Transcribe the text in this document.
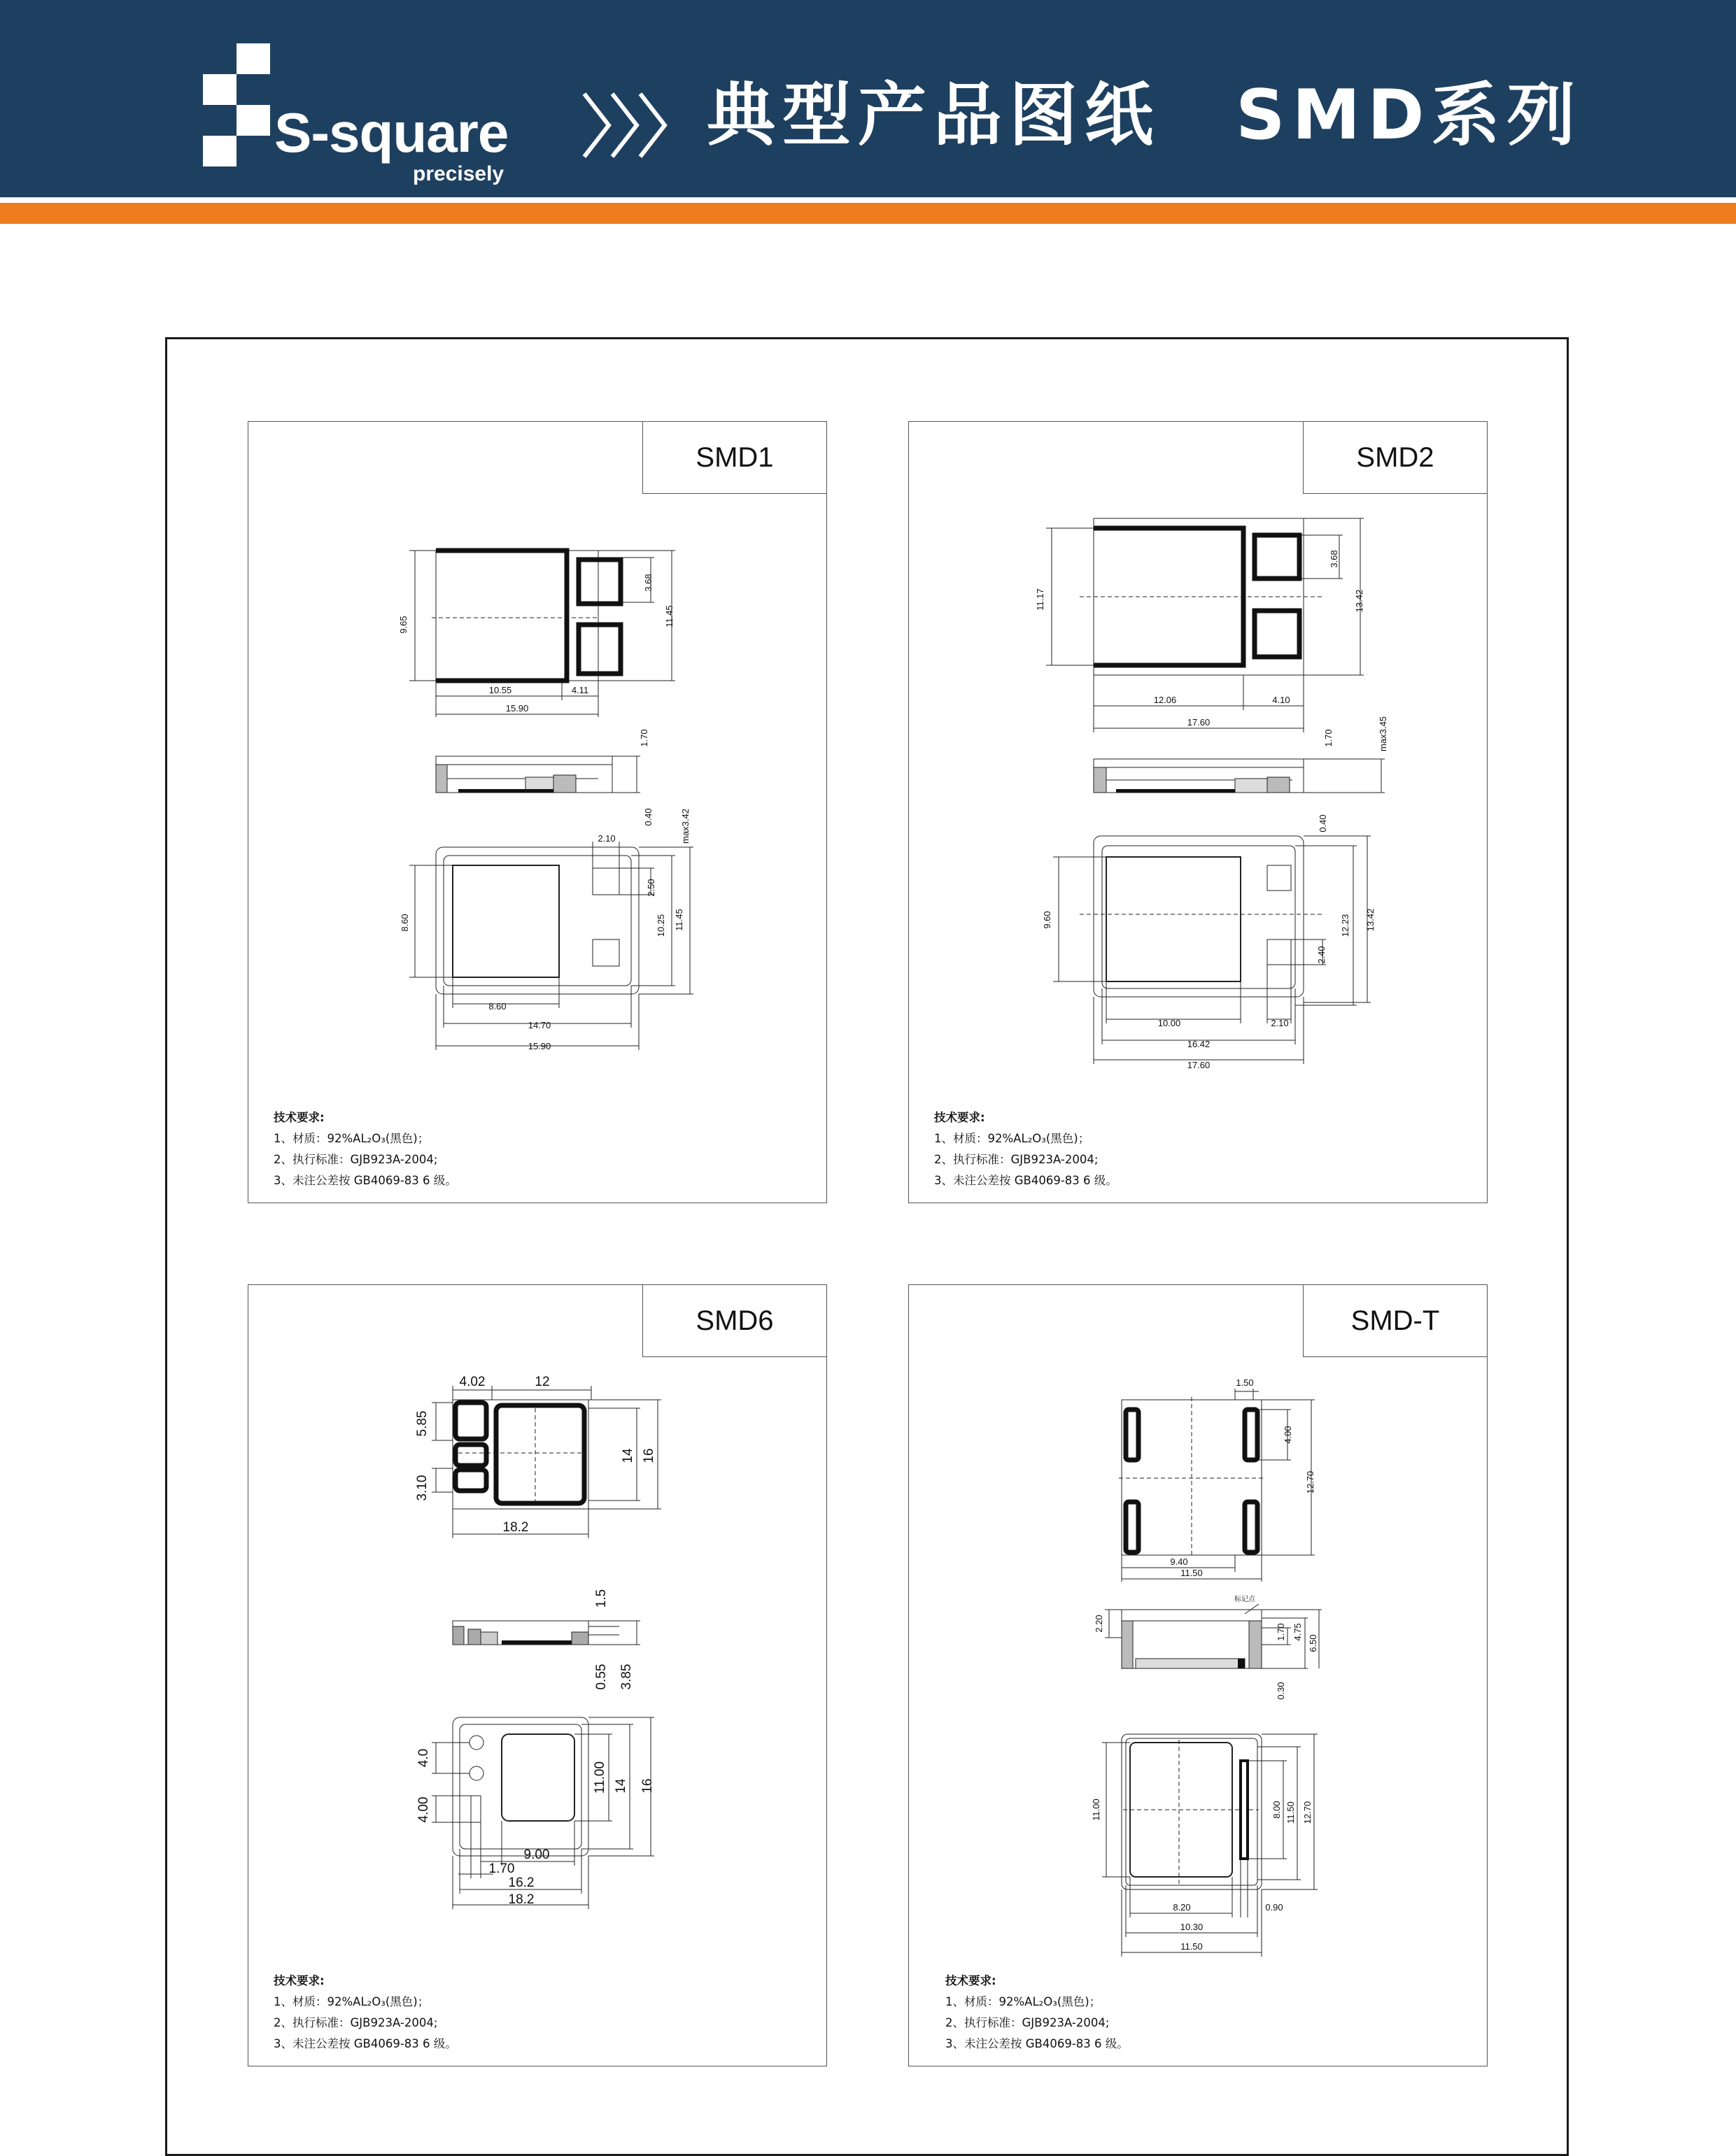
S-square
precisely
典型产品图纸　SMD系列
SMD1
9.65
3.68
11.45
10.55	4.11
15.90
1.70
0.40	max3.42
2.10
2.50
10.25 11.45
8.60
8.60
14.70
15.90
技术要求:
1、材质：92%AL₂O₃(黑色)；
2、执行标准：GJB923A-2004;
3、未注公差按 GB4069-83 6 级。
SMD2
11.17
3.68
13.42
12.06	4.10
17.60
1.70	max3.45
0.40
9.60	12.23 13.42
2.40
10.00	2.10
16.42
17.60
技术要求:
1、材质：92%AL₂O₃(黑色)；
2、执行标准：GJB923A-2004;
3、未注公差按 GB4069-83 6 级。
SMD6
4.02	12
5.85
14 16
3.10
18.2
1.5
0.55 3.85
4.0
11.00 14 16
4.00
9.00
1.70
16.2
18.2
技术要求:
1、材质：92%AL₂O₃(黑色)；
2、执行标准：GJB923A-2004;
3、未注公差按 GB4069-83 6 级。
SMD-T
1.50
4.00
12.70
9.40
11.50
2.20
标记点
1.70 4.75
6.50
0.30
11.00	8.00 11.50 12.70
8.20	0.90
10.30
11.50
技术要求:
1、材质：92%AL₂O₃(黑色)；
2、执行标准：GJB923A-2004;
3、未注公差按 GB4069-83 6 级。
